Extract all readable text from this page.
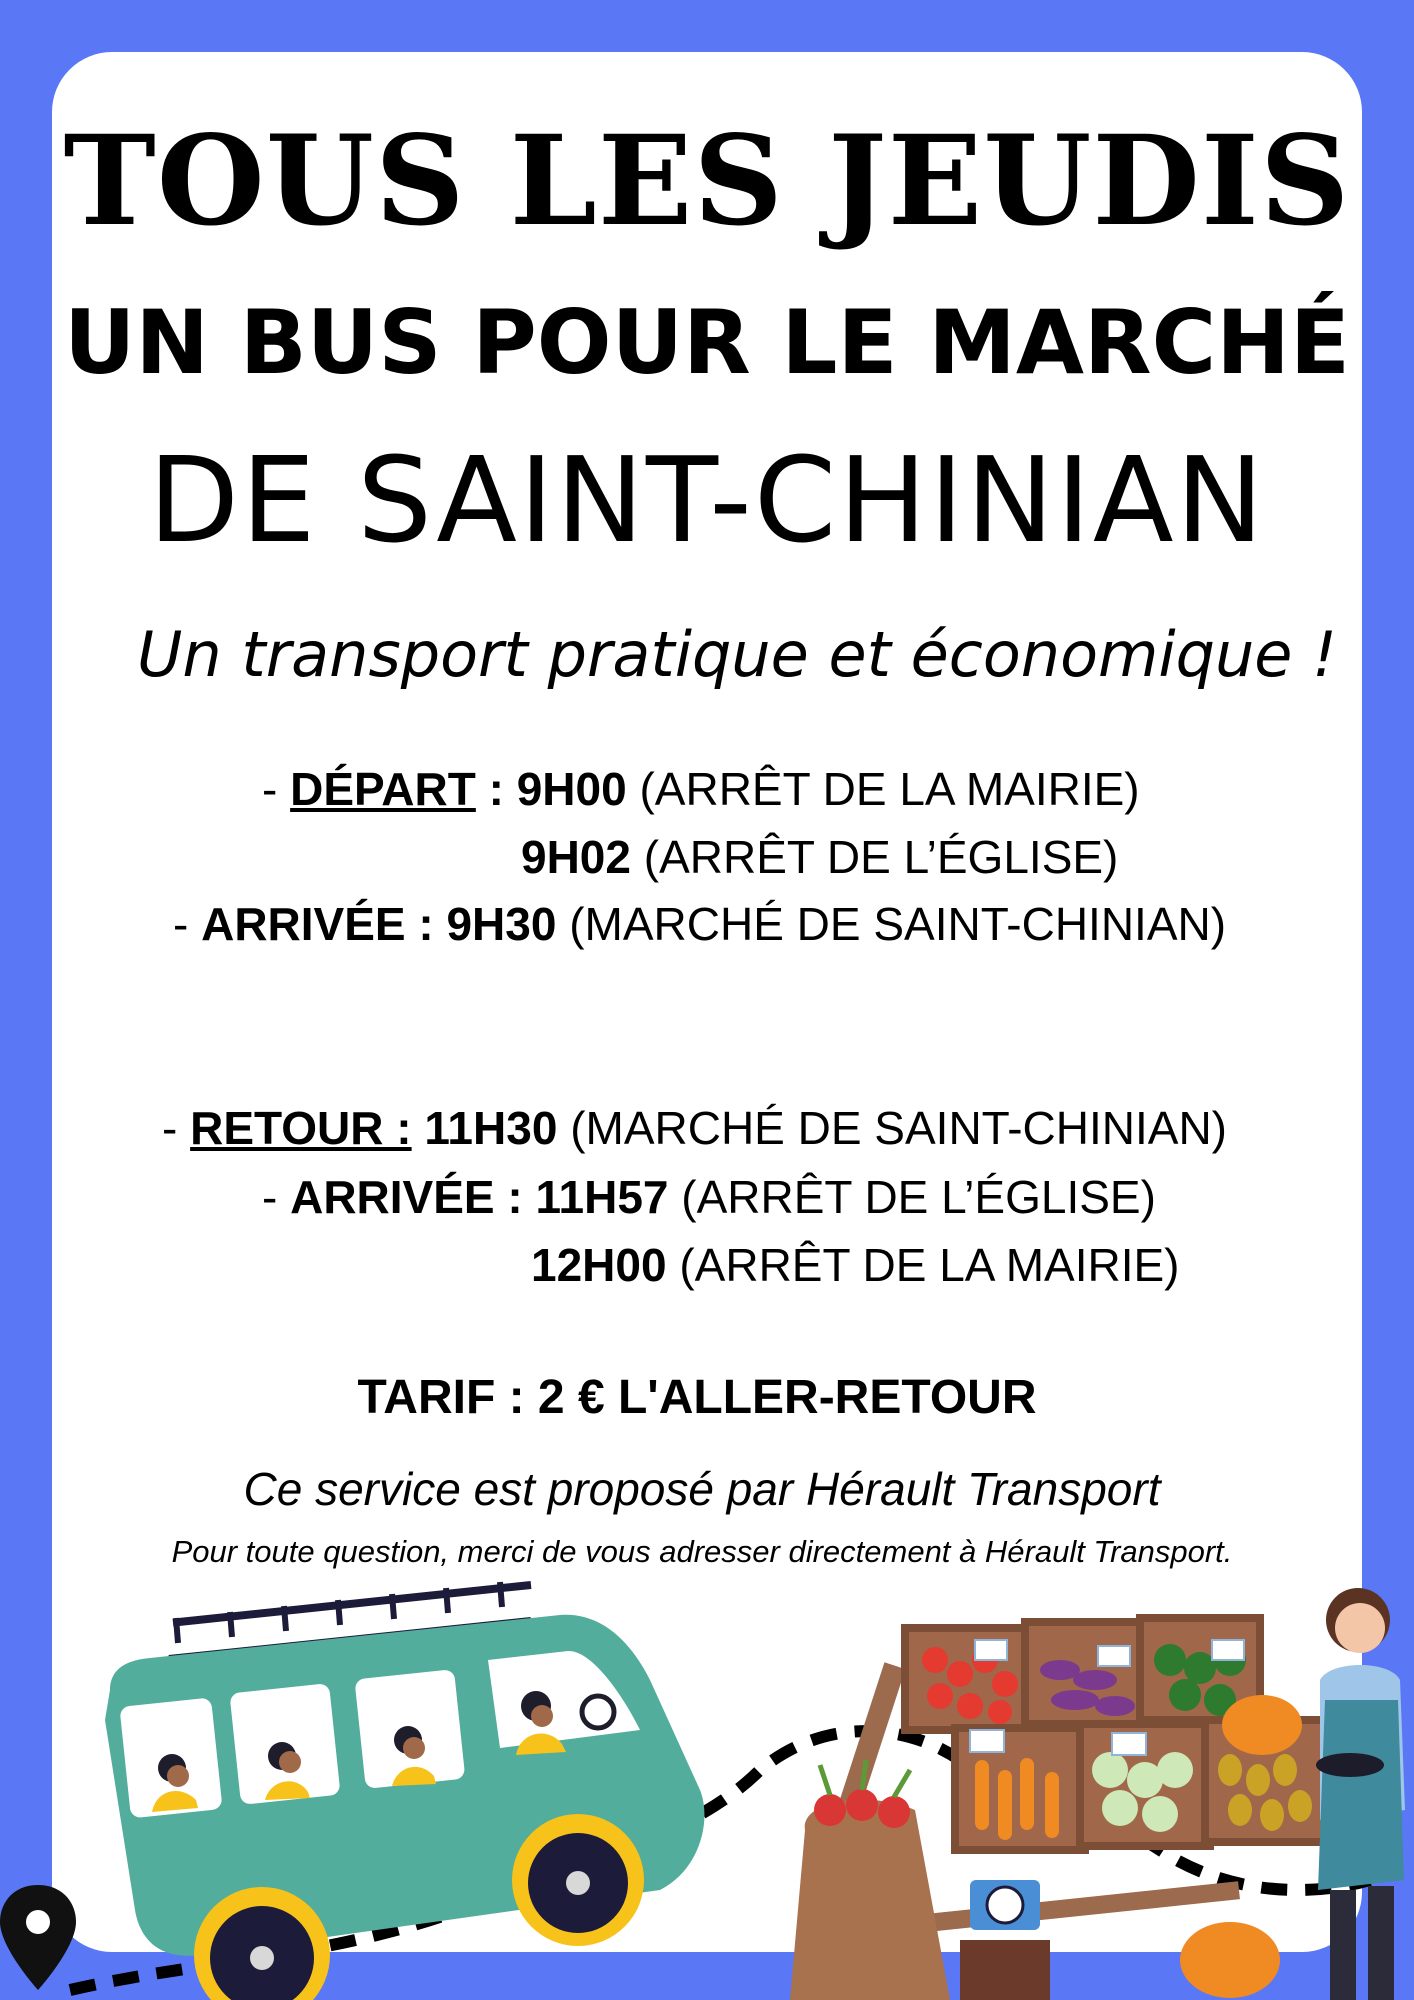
TOUS LES JEUDIS
UN BUS POUR LE MARCHÉ
DE SAINT-CHINIAN
Un transport pratique et économique !
- DÉPART : 9H00 (ARRÊT DE LA MAIRIE)
9H02 (ARRÊT DE L’ÉGLISE)
- ARRIVÉE : 9H30 (MARCHÉ DE SAINT-CHINIAN)
- RETOUR : 11H30 (MARCHÉ DE SAINT-CHINIAN)
- ARRIVÉE : 11H57 (ARRÊT DE L’ÉGLISE)
12H00 (ARRÊT DE LA MAIRIE)
TARIF : 2 € L'ALLER-RETOUR
Ce service est proposé par Hérault Transport
Pour toute question, merci de vous adresser directement à Hérault Transport.
